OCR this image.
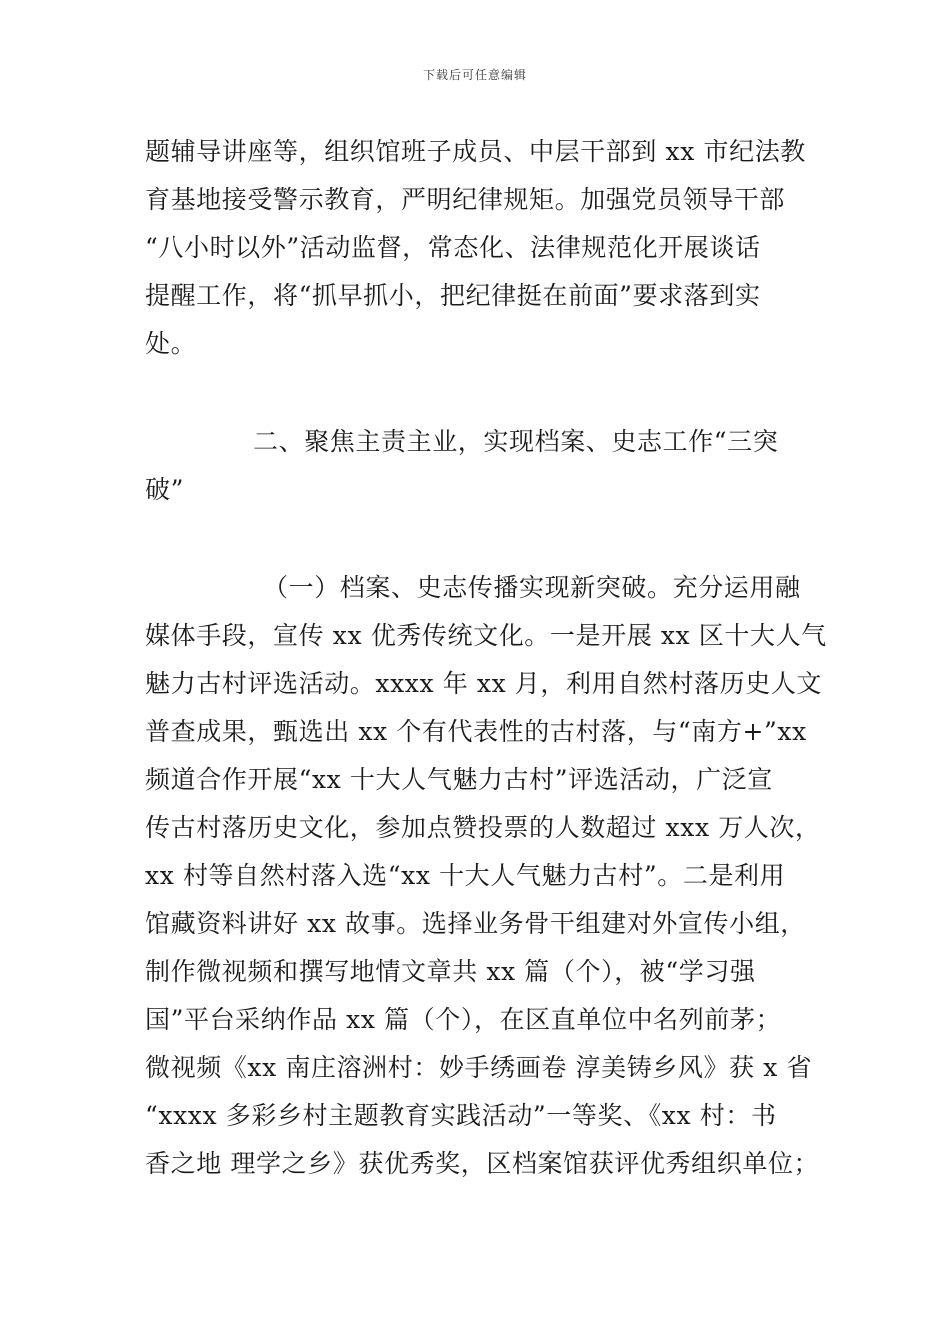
下载后可任意编辑
题辅导讲座等，组织馆班子成员、中层干部到 xx 市纪法教
育基地接受警示教育，严明纪律规矩。加强党员领导干部
“八小时以外”活动监督，常态化、法律规范化开展谈话
提醒工作，将“抓早抓小，把纪律挺在前面”要求落到实
处。
二、聚焦主责主业，实现档案、史志工作“三突
破”
（一）档案、史志传播实现新突破。充分运用融
媒体手段，宣传 xx 优秀传统文化。一是开展 xx 区十大人气
魅力古村评选活动。xxxx 年 xx 月，利用自然村落历史人文
普查成果，甄选出 xx 个有代表性的古村落，与“南方+”xx
频道合作开展“xx 十大人气魅力古村”评选活动，广泛宣
传古村落历史文化，参加点赞投票的人数超过 xxx 万人次，
xx 村等自然村落入选“xx 十大人气魅力古村”。二是利用
馆藏资料讲好 xx 故事。选择业务骨干组建对外宣传小组，
制作微视频和撰写地情文章共 xx 篇（个），被“学习强
国”平台采纳作品 xx 篇（个），在区直单位中名列前茅；
微视频《xx 南庄溶洲村：妙手绣画卷 淳美铸乡风》获 x 省
“xxxx 多彩乡村主题教育实践活动”一等奖、《xx 村：书
香之地 理学之乡》获优秀奖，区档案馆获评优秀组织单位；
